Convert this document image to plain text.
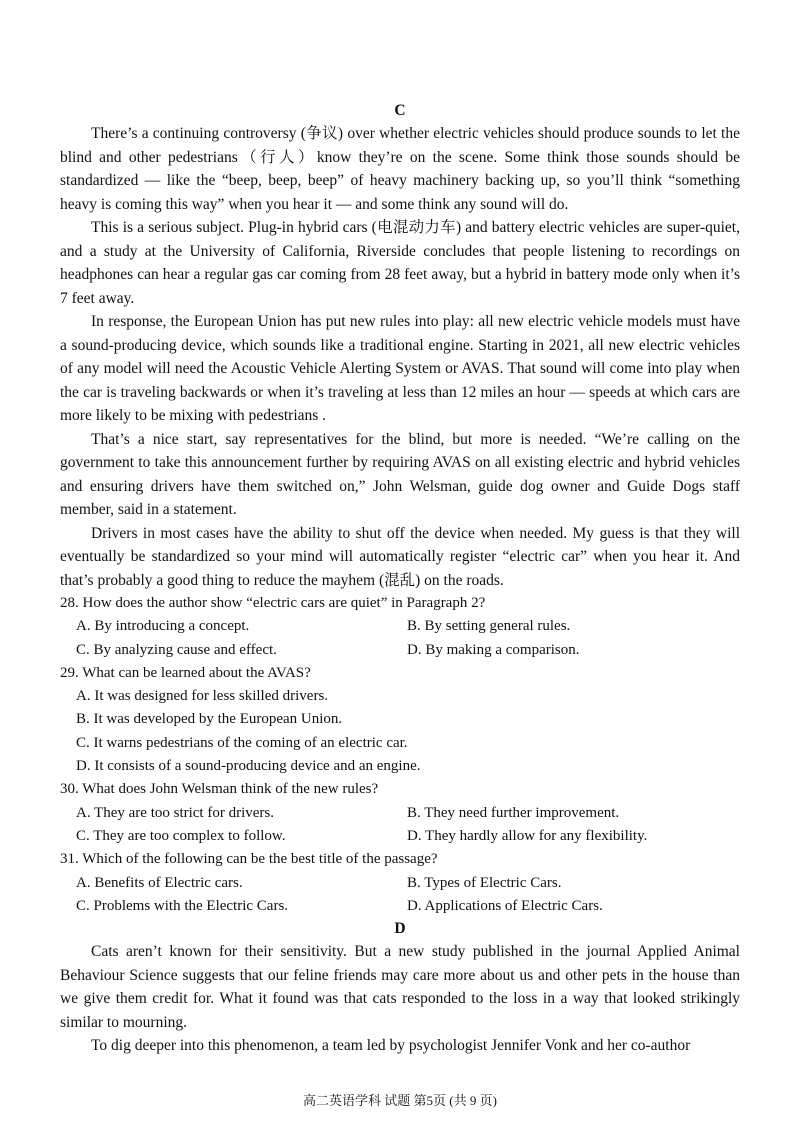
C

There’s a continuing controversy (争议) over whether electric vehicles should produce sounds to let the blind and other pedestrians（行人）know they’re on the scene. Some think those sounds should be standardized — like the “beep, beep, beep” of heavy machinery backing up, so you’ll think “something heavy is coming this way” when you hear it — and some think any sound will do.

This is a serious subject. Plug-in hybrid cars (电混动力车) and battery electric vehicles are super-quiet, and a study at the University of California, Riverside concludes that people listening to recordings on headphones can hear a regular gas car coming from 28 feet away, but a hybrid in battery mode only when it’s 7 feet away.

In response, the European Union has put new rules into play: all new electric vehicle models must have a sound-producing device, which sounds like a traditional engine. Starting in 2021, all new electric vehicles of any model will need the Acoustic Vehicle Alerting System or AVAS. That sound will come into play when the car is traveling backwards or when it’s traveling at less than 12 miles an hour — speeds at which cars are more likely to be mixing with pedestrians .

That’s a nice start, say representatives for the blind, but more is needed. “We’re calling on the government to take this announcement further by requiring AVAS on all existing electric and hybrid vehicles and ensuring drivers have them switched on,” John Welsman, guide dog owner and Guide Dogs staff member, said in a statement.

Drivers in most cases have the ability to shut off the device when needed. My guess is that they will eventually be standardized so your mind will automatically register “electric car” when you hear it. And that’s probably a good thing to reduce the mayhem (混乱) on the roads.

28. How does the author show “electric cars are quiet” in Paragraph 2?
A. By introducing a concept.	B. By setting general rules.
C. By analyzing cause and effect.	D. By making a comparison.
29. What can be learned about the AVAS?
A. It was designed for less skilled drivers.
B. It was developed by the European Union.
C. It warns pedestrians of the coming of an electric car.
D. It consists of a sound-producing device and an engine.
30. What does John Welsman think of the new rules?
A. They are too strict for drivers.	B. They need further improvement.
C. They are too complex to follow.	D. They hardly allow for any flexibility.
31. Which of the following can be the best title of the passage?
A. Benefits of Electric cars.	B. Types of Electric Cars.
C. Problems with the Electric Cars.	D. Applications of Electric Cars.
D

Cats aren’t known for their sensitivity. But a new study published in the journal Applied Animal Behaviour Science suggests that our feline friends may care more about us and other pets in the house than we give them credit for. What it found was that cats responded to the loss in a way that looked strikingly similar to mourning.

To dig deeper into this phenomenon, a team led by psychologist Jennifer Vonk and her co-author

高二英语学科 试题 第5页 (共 9 页)
